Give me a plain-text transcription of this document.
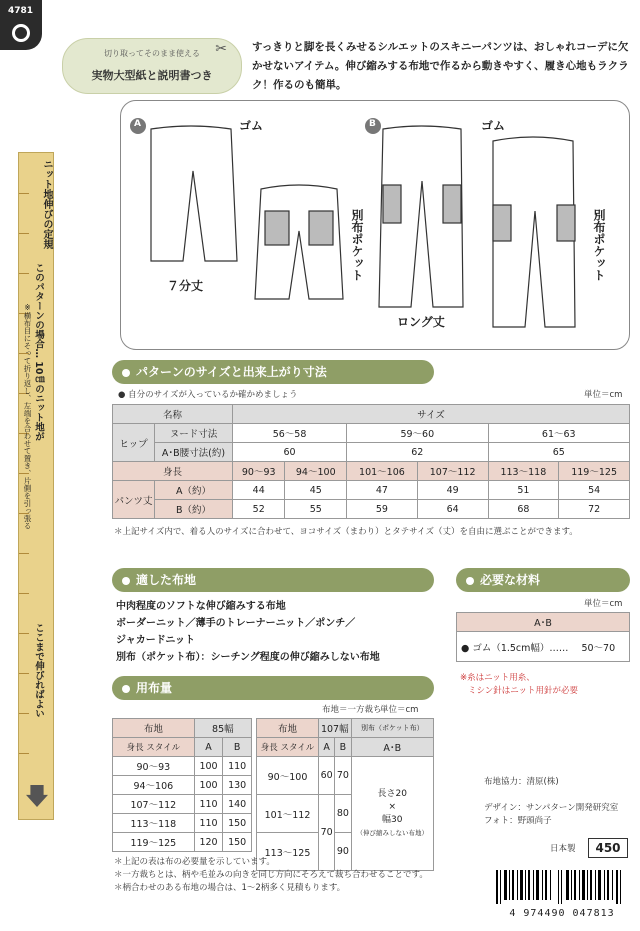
4781
切り取ってそのまま使える
実物大型紙と説明書つき
✂ すっきりと脚を長くみせるシルエットのスキニーパンツは、おしゃれコーデに欠かせないアイテム。伸び縮みする布地で作るから動きやすく、履き心地もラクラク！作るのも簡単。
A	B
ゴム	ゴム
７分丈
ロング丈
別布ポケット	別布ポケット
ニット地伸びの定規
※横布目にそって折り返し、左端を合わせて置き、片側を引っ張る このパターンの場合… 10㎝のニット地が
ここまで伸びればよい
パターンのサイズと出来上がり寸法
● 自分のサイズが入っているか確かめましょう	単位＝cm
名称		サイズ					
ヒップ	ヌード寸法	56〜58		59〜60		61〜63	
	A･B腰寸法(約)	60		62		65	
身長		90〜93	94〜100	101〜106	107〜112	113〜118	119〜125
パンツ丈	A（約）	44	45	47	49	51	54
	B（約）	52	55	59	64	68	72
＊上記サイズ内で、着る人のサイズに合わせて、ヨコサイズ（まわり）とタテサイズ（丈）を自由に選ぶことができます。
適した布地
中肉程度のソフトな伸び縮みする布地
ボーダーニット／薄手のトレーナーニット／ポンチ／
ジャカードニット
別布（ポケット布）：シーチング程度の伸び縮みしない布地
必要な材料
単位＝cm
A･B
● ゴム（1.5cm幅）…… 50〜70
※糸はニット用糸、
ミシン針はニット用針が必要
用布量
布地＝一方裁ち
単位＝cm
布地	85幅	
身長 スタイル	A	B
90〜93	100	110
94〜106	100	130
107〜112	110	140
113〜118	110	150
119〜125	120	150
布地	107幅		別布（ポケット布）
身長 スタイル	A	B	A･B
90〜100	60	70	長さ20
×
幅30
（伸び縮みしない布地）

101〜112	70	80	
113〜125		90	
＊上記の表は布の必要量を示しています。
＊一方裁ちとは、柄や毛並みの向きを同じ方向にそろえて裁ち合わせることです。
＊柄合わせのある布地の場合は、1〜2柄多く見積もります。
布地協力：清原(株)
デザイン：サンパターン開発研究室
フォト：野頭尚子
日本製	450
4 974490 047813
